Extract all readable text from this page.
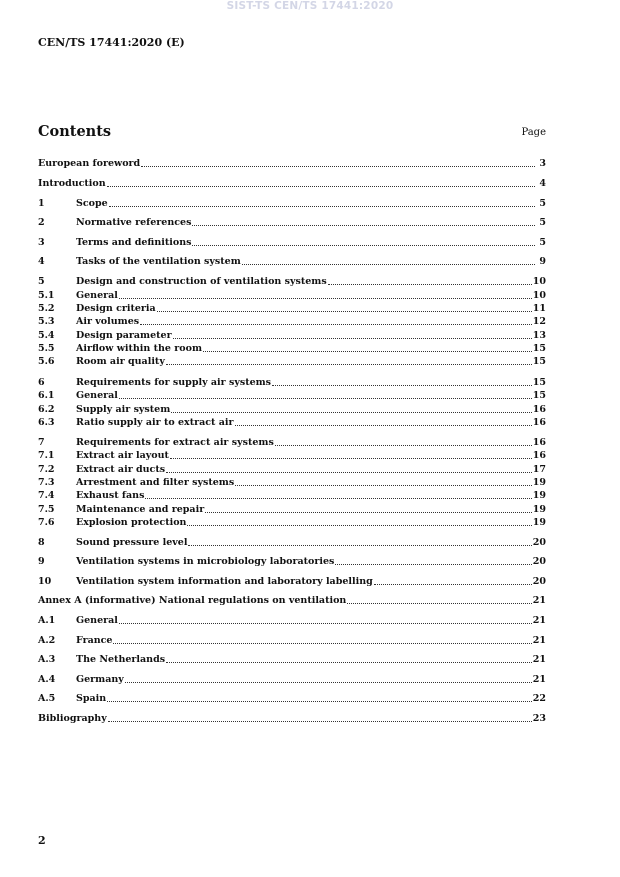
SIST-TS CEN/TS 17441:2020
CEN/TS 17441:2020 (E)
Contents	Page
European foreword	3
Introduction	4
1	Scope	5
2	Normative references	5
3	Terms and definitions	5
4	Tasks of the ventilation system	9
5	Design and construction of ventilation systems	10
5.1	General	10
5.2	Design criteria	11
5.3	Air volumes	12
5.4	Design parameter	13
5.5	Airflow within the room	15
5.6	Room air quality	15
6	Requirements for supply air systems	15
6.1	General	15
6.2	Supply air system	16
6.3	Ratio supply air to extract air	16
7	Requirements for extract air systems	16
7.1	Extract air layout	16
7.2	Extract air ducts	17
7.3	Arrestment and filter systems	19
7.4	Exhaust fans	19
7.5	Maintenance and repair	19
7.6	Explosion protection	19
8	Sound pressure level	20
9	Ventilation systems in microbiology laboratories	20
10	Ventilation system information and laboratory labelling	20
Annex A (informative) National regulations on ventilation	21
A.1	General	21
A.2	France	21
A.3	The Netherlands	21
A.4	Germany	21
A.5	Spain	22
Bibliography	23
2
